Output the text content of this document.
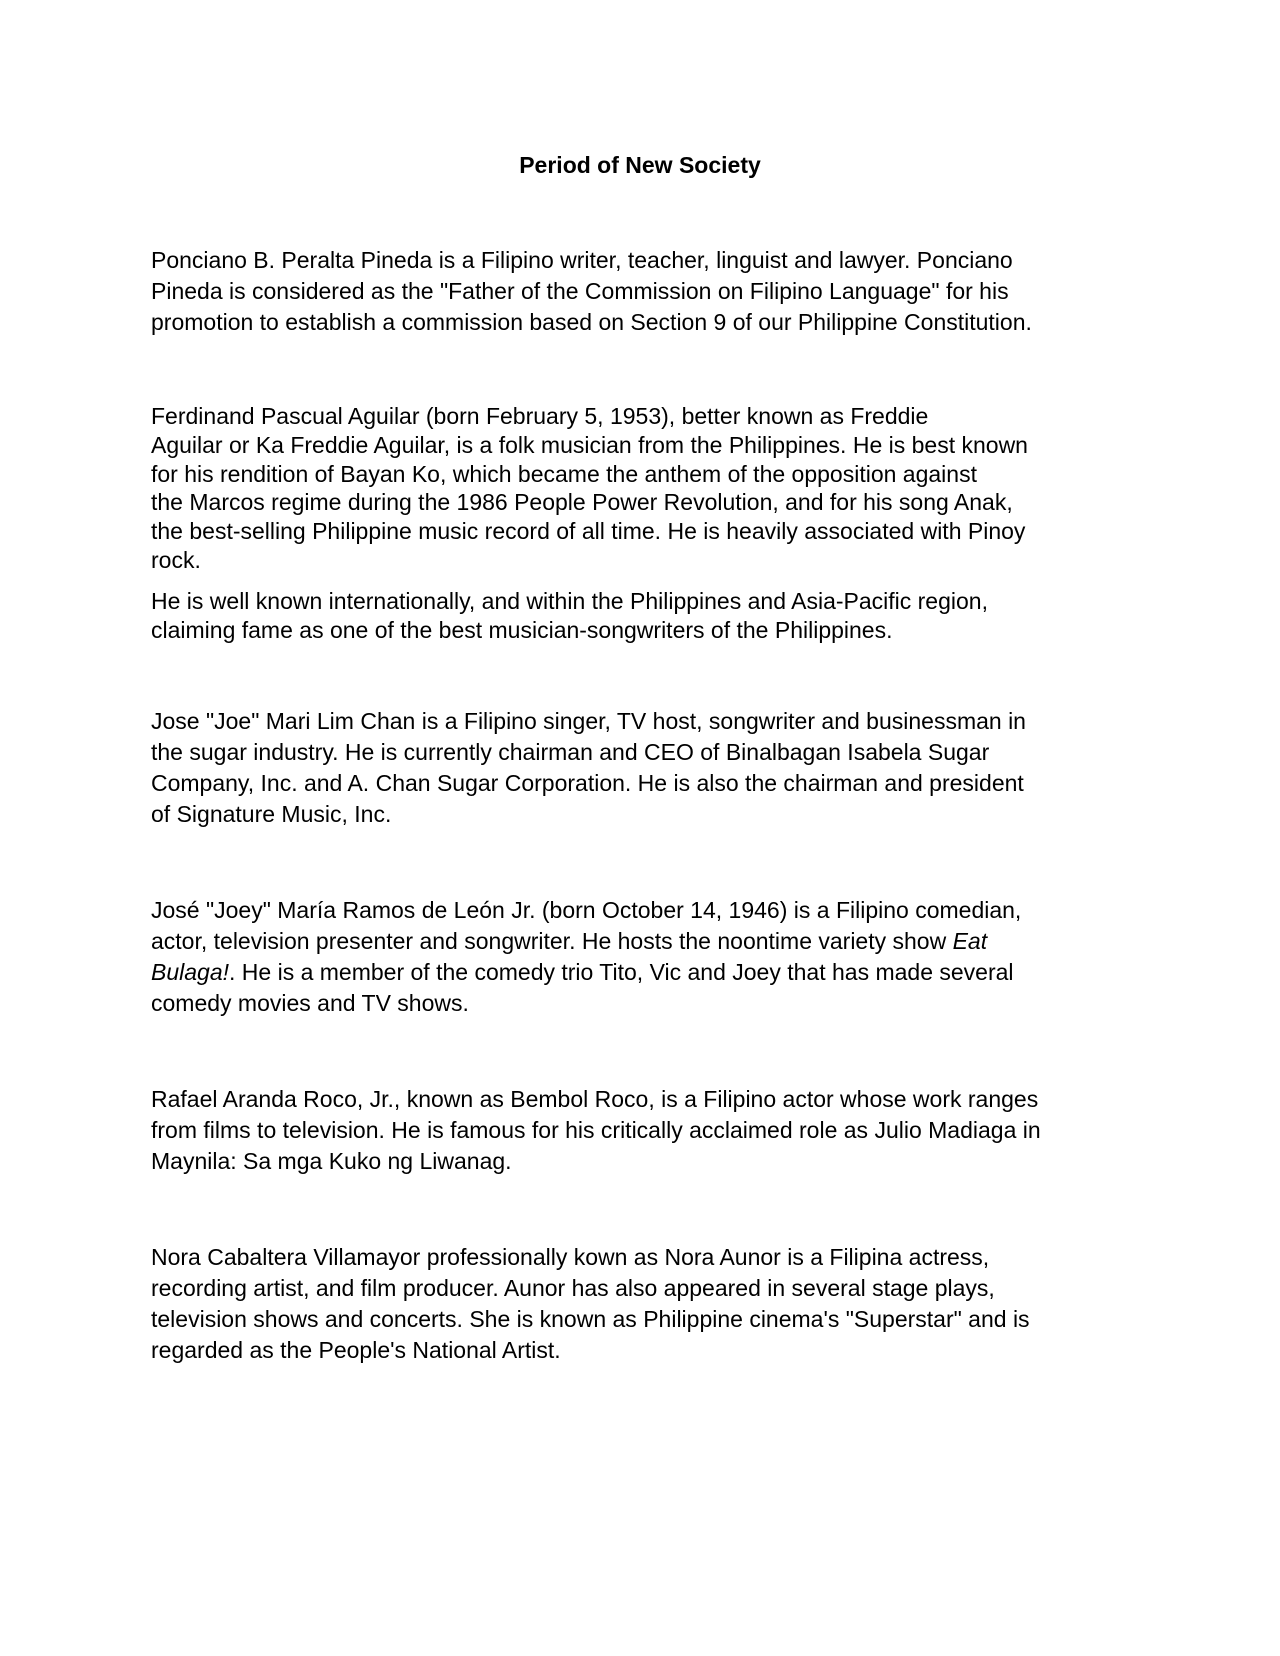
Period of New Society

Ponciano B. Peralta Pineda is a Filipino writer, teacher, linguist and lawyer. Ponciano
Pineda is considered as the "Father of the Commission on Filipino Language" for his
promotion to establish a commission based on Section 9 of our Philippine Constitution.

Ferdinand Pascual Aguilar (born February 5, 1953), better known as Freddie
Aguilar or Ka Freddie Aguilar, is a folk musician from the Philippines. He is best known
for his rendition of Bayan Ko, which became the anthem of the opposition against
the Marcos regime during the 1986 People Power Revolution, and for his song Anak,
the best-selling Philippine music record of all time. He is heavily associated with Pinoy
rock.

He is well known internationally, and within the Philippines and Asia-Pacific region,
claiming fame as one of the best musician-songwriters of the Philippines.

Jose "Joe" Mari Lim Chan is a Filipino singer, TV host, songwriter and businessman in
the sugar industry. He is currently chairman and CEO of Binalbagan Isabela Sugar
Company, Inc. and A. Chan Sugar Corporation. He is also the chairman and president
of Signature Music, Inc.

José "Joey" María Ramos de León Jr. (born October 14, 1946) is a Filipino comedian,
actor, television presenter and songwriter. He hosts the noontime variety show Eat
Bulaga!. He is a member of the comedy trio Tito, Vic and Joey that has made several
comedy movies and TV shows.

Rafael Aranda Roco, Jr., known as Bembol Roco, is a Filipino actor whose work ranges
from films to television. He is famous for his critically acclaimed role as Julio Madiaga in
Maynila: Sa mga Kuko ng Liwanag.

Nora Cabaltera Villamayor professionally kown as Nora Aunor is a Filipina actress,
recording artist, and film producer. Aunor has also appeared in several stage plays,
television shows and concerts. She is known as Philippine cinema's "Superstar" and is
regarded as the People's National Artist.
